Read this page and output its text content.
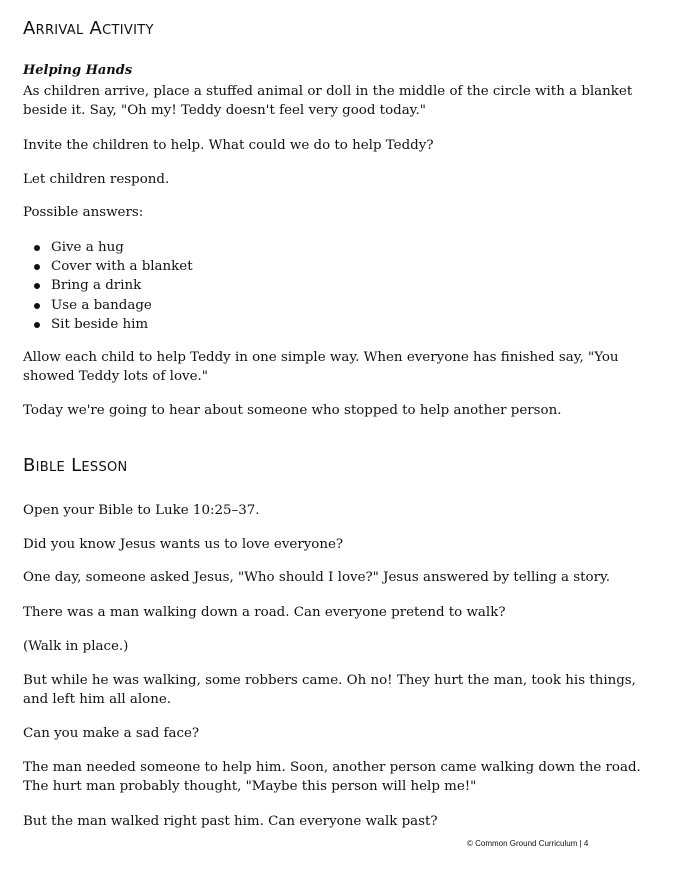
Arrival Activity
Helping Hands

As children arrive, place a stuffed animal or doll in the middle of the circle with a blanket beside it. Say, "Oh my! Teddy doesn't feel very good today."

Invite the children to help. What could we do to help Teddy?

Let children respond.

Possible answers:

Give a hug
Cover with a blanket
Bring a drink
Use a bandage
Sit beside him

Allow each child to help Teddy in one simple way. When everyone has finished say, "You showed Teddy lots of love."

Today we're going to hear about someone who stopped to help another person.

Bible Lesson

Open your Bible to Luke 10:25–37.

Did you know Jesus wants us to love everyone?

One day, someone asked Jesus, "Who should I love?" Jesus answered by telling a story.

There was a man walking down a road. Can everyone pretend to walk?

(Walk in place.)

But while he was walking, some robbers came. Oh no! They hurt the man, took his things, and left him all alone.

Can you make a sad face?

The man needed someone to help him. Soon, another person came walking down the road. The hurt man probably thought, "Maybe this person will help me!"

But the man walked right past him. Can everyone walk past?

© Common Ground Curriculum | 4
